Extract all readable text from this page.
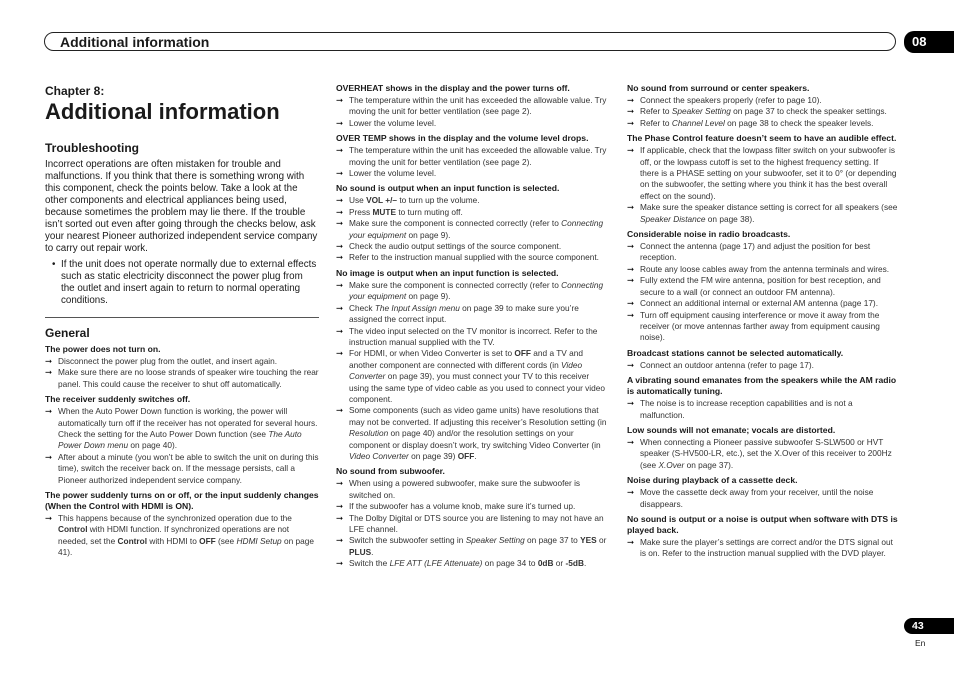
Additional information	08

Chapter 8:

Additional information
Troubleshooting

Incorrect operations are often mistaken for trouble and malfunctions. If you think that there is something wrong with this component, check the points below. Take a look at the other components and electrical appliances being used, because sometimes the problem may lie there. If the trouble isn’t sorted out even after going through the checks below, ask your nearest Pioneer authorized independent service company to carry out repair work.

• If the unit does not operate normally due to external effects such as static electricity disconnect the power plug from the outlet and insert again to return to normal operating conditions.

General

The power does not turn on.

➞ Disconnect the power plug from the outlet, and insert again.

➞ Make sure there are no loose strands of speaker wire touching the rear panel. This could cause the receiver to shut off automatically.

The receiver suddenly switches off.

➞ When the Auto Power Down function is working, the power will automatically turn off if the receiver has not operated for several hours. Check the setting for the Auto Power Down function (see The Auto Power Down menu on page 40).

➞ After about a minute (you won’t be able to switch the unit on during this time), switch the receiver back on. If the message persists, call a Pioneer authorized independent service company.

The power suddenly turns on or off, or the input suddenly changes (When the Control with HDMI is ON).

➞ This happens because of the synchronized operation due to the Control with HDMI function. If synchronized operations are not needed, set the Control with HDMI to OFF (see HDMI Setup on page 41).

OVERHEAT shows in the display and the power turns off.

➞ The temperature within the unit has exceeded the allowable value. Try moving the unit for better ventilation (see page 2).

➞ Lower the volume level.

OVER TEMP shows in the display and the volume level drops.

➞ The temperature within the unit has exceeded the allowable value. Try moving the unit for better ventilation (see page 2).

➞ Lower the volume level.

No sound is output when an input function is selected.

➞ Use VOL +/– to turn up the volume.

➞ Press MUTE to turn muting off.

➞ Make sure the component is connected correctly (refer to Connecting your equipment on page 9).

➞ Check the audio output settings of the source component.

➞ Refer to the instruction manual supplied with the source component.

No image is output when an input function is selected.

➞ Make sure the component is connected correctly (refer to Connecting your equipment on page 9).

➞ Check The Input Assign menu on page 39 to make sure you’re assigned the correct input.

➞ The video input selected on the TV monitor is incorrect. Refer to the instruction manual supplied with the TV.

➞ For HDMI, or when Video Converter is set to OFF and a TV and another component are connected with different cords (in Video Converter on page 39), you must connect your TV to this receiver using the same type of video cable as you used to connect your video component.

➞ Some components (such as video game units) have resolutions that may not be converted. If adjusting this receiver’s Resolution setting (in Resolution on page 40) and/or the resolution settings on your component or display doesn’t work, try switching Video Converter (in Video Converter on page 39) OFF.

No sound from subwoofer.

➞ When using a powered subwoofer, make sure the subwoofer is switched on.

➞ If the subwoofer has a volume knob, make sure it’s turned up.

➞ The Dolby Digital or DTS source you are listening to may not have an LFE channel.

➞ Switch the subwoofer setting in Speaker Setting on page 37 to YES or PLUS.

➞ Switch the LFE ATT (LFE Attenuate) on page 34 to 0dB or -5dB.

No sound from surround or center speakers.

➞ Connect the speakers properly (refer to page 10).

➞ Refer to Speaker Setting on page 37 to check the speaker settings.

➞ Refer to Channel Level on page 38 to check the speaker levels.

The Phase Control feature doesn’t seem to have an audible effect.

➞ If applicable, check that the lowpass filter switch on your subwoofer is off, or the lowpass cutoff is set to the highest frequency setting. If there is a PHASE setting on your subwoofer, set it to 0° (or depending on the subwoofer, the setting where you think it has the best overall effect on the sound).

➞ Make sure the speaker distance setting is correct for all speakers (see Speaker Distance on page 38).

Considerable noise in radio broadcasts.

➞ Connect the antenna (page 17) and adjust the position for best reception.

➞ Route any loose cables away from the antenna terminals and wires.

➞ Fully extend the FM wire antenna, position for best reception, and secure to a wall (or connect an outdoor FM antenna).

➞ Connect an additional internal or external AM antenna (page 17).

➞ Turn off equipment causing interference or move it away from the receiver (or move antennas farther away from equipment causing noise).

Broadcast stations cannot be selected automatically.

➞ Connect an outdoor antenna (refer to page 17).

A vibrating sound emanates from the speakers while the AM radio is automatically tuning.

➞ The noise is to increase reception capabilities and is not a malfunction.

Low sounds will not emanate; vocals are distorted.

➞ When connecting a Pioneer passive subwoofer S-SLW500 or HVT speaker (S-HV500-LR, etc.), set the X.Over of this receiver to 200Hz (see X.Over on page 37).

Noise during playback of a cassette deck.

➞ Move the cassette deck away from your receiver, until the noise disappears.

No sound is output or a noise is output when software with DTS is played back.

➞ Make sure the player’s settings are correct and/or the DTS signal out is on. Refer to the instruction manual supplied with the DVD player.

43
En
